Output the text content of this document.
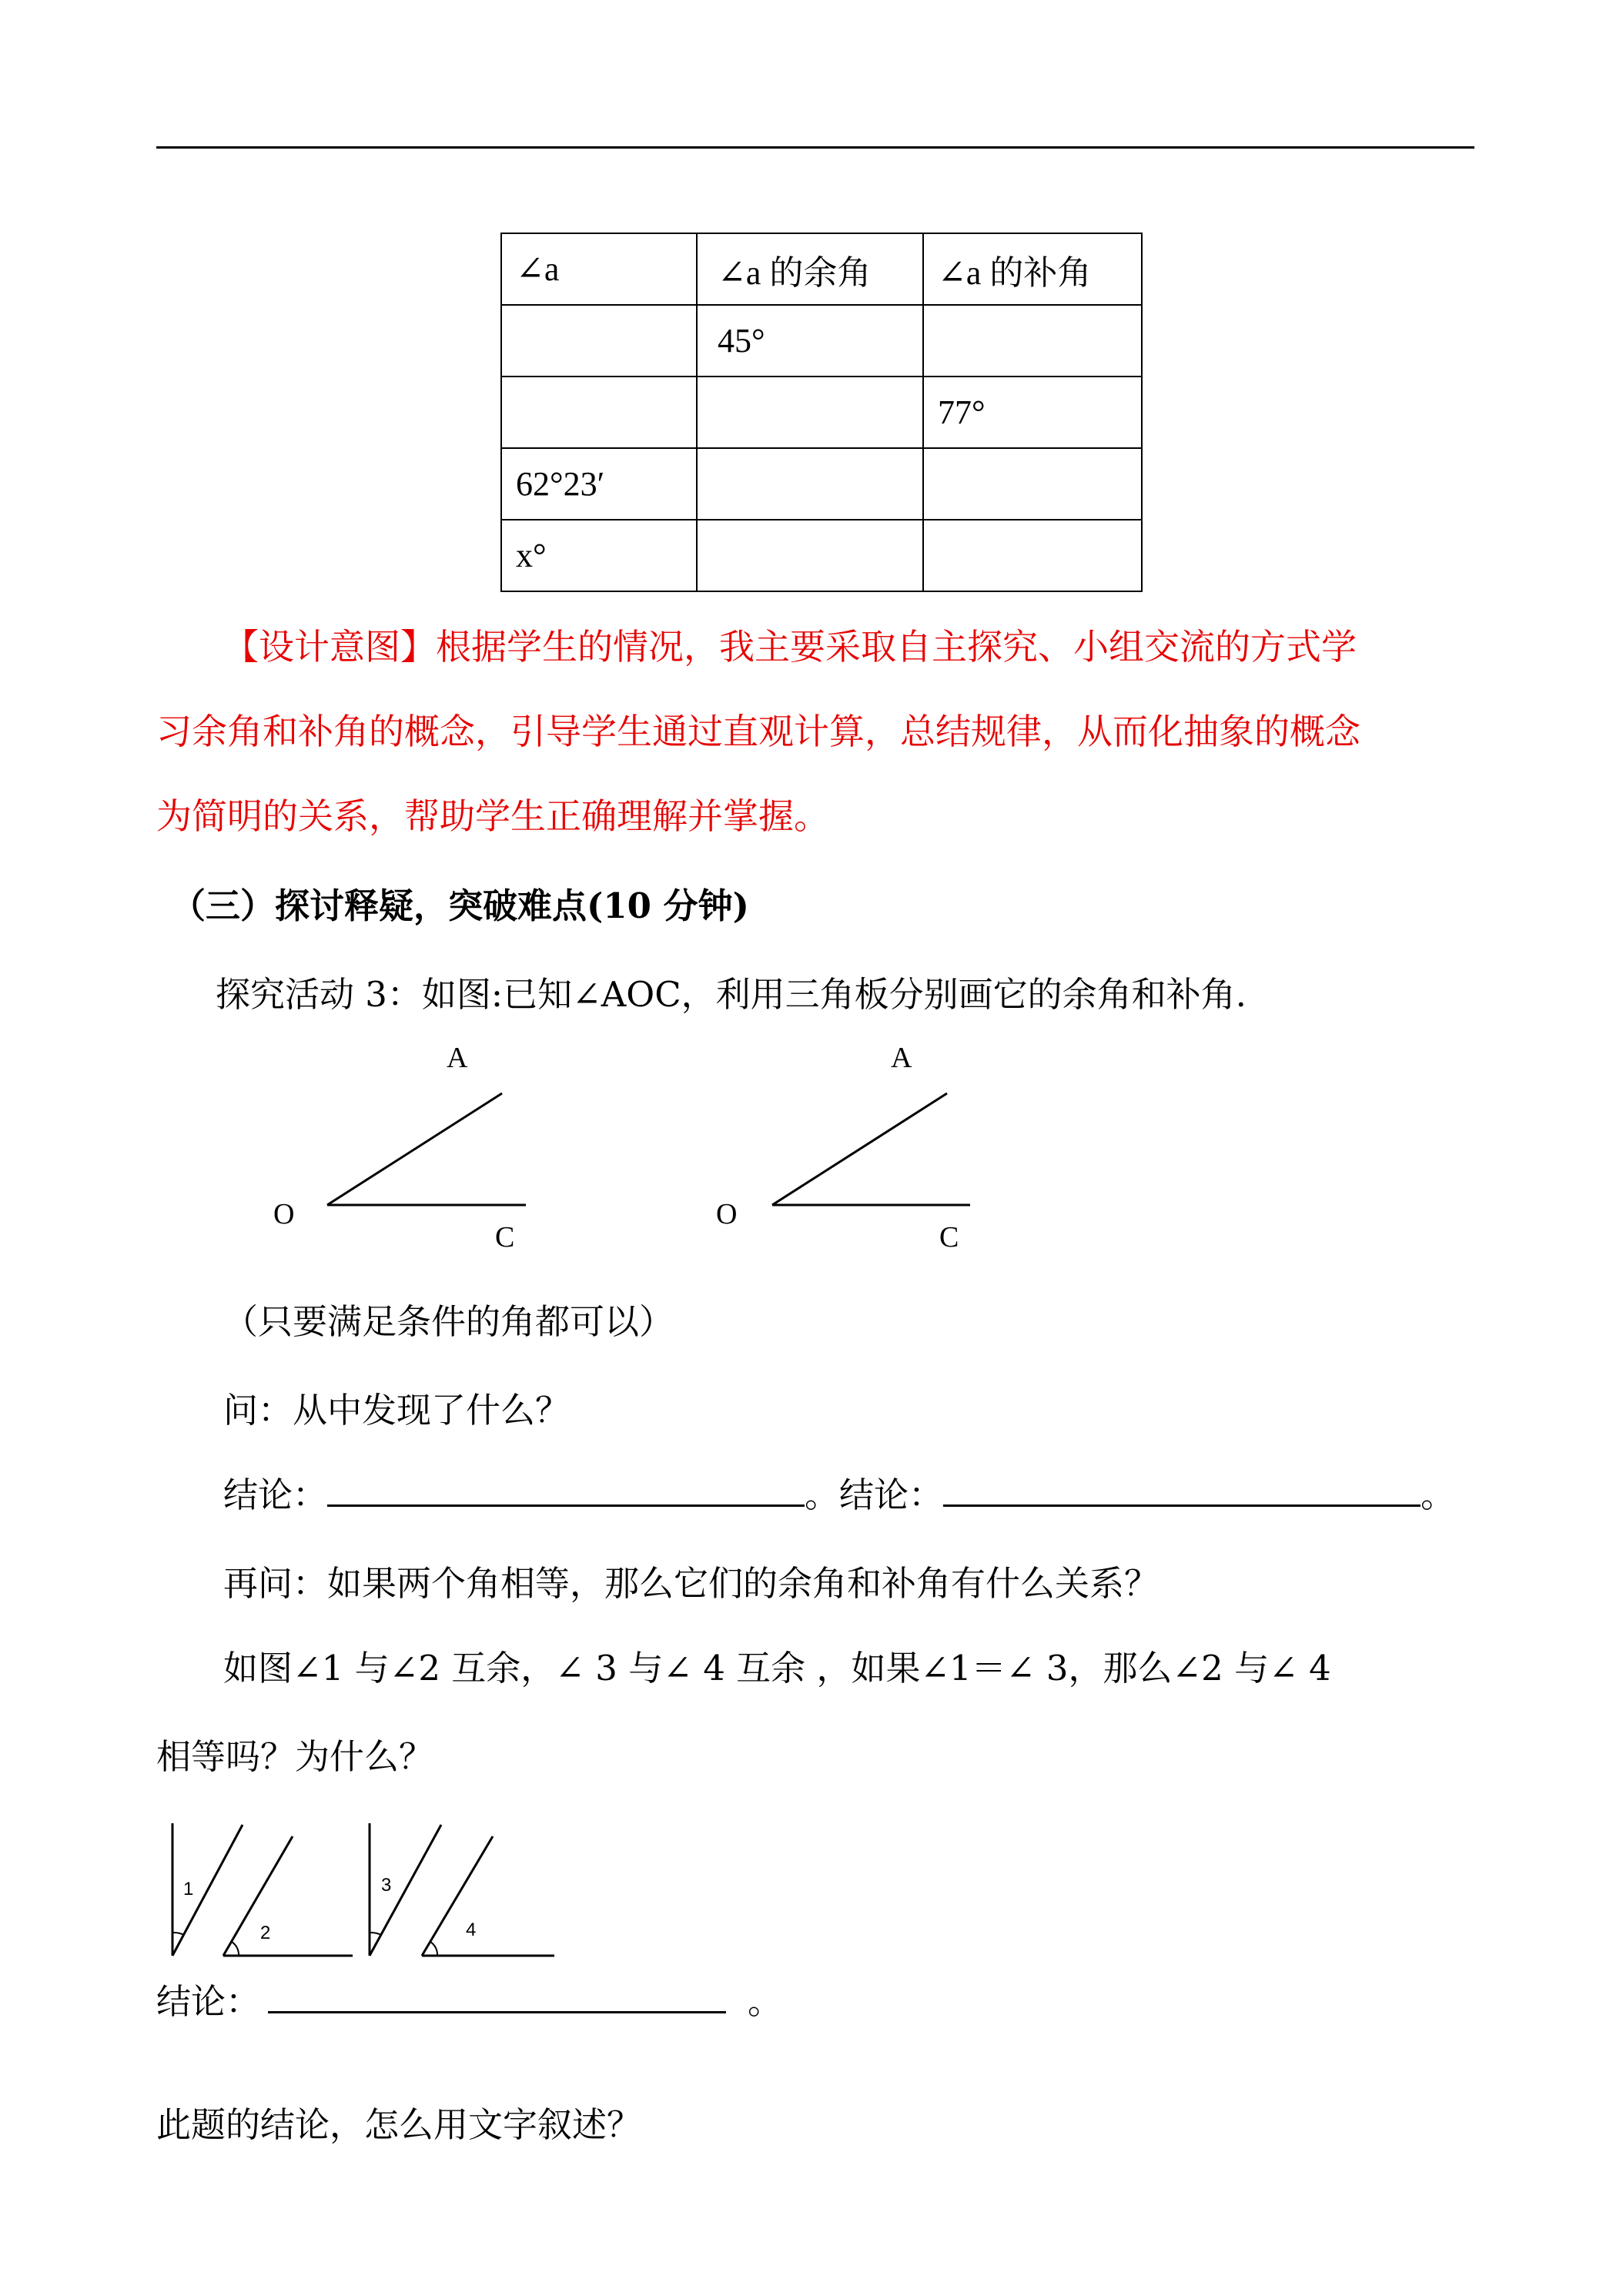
∠a	∠a 的余角	∠a 的补角
	45°	
		77°
62°23′		
x°		
【设计意图】根据学生的情况，我主要采取自主探究、小组交流的方式学
习余角和补角的概念，引导学生通过直观计算，总结规律，从而化抽象的概念
为简明的关系，帮助学生正确理解并掌握。
（三）探讨释疑，突破难点(10 分钟)
探究活动 3：如图:已知∠AOC，利用三角板分别画它的余角和补角.
A
O
C
A
O
C
（只要满足条件的角都可以）
问：从中发现了什么？
结论：	。结论：	。
再问：如果两个角相等，那么它们的余角和补角有什么关系？
如图∠1 与∠2 互余，∠ 3 与∠ 4 互余 ，如果∠1＝∠ 3，那么∠2 与∠ 4
相等吗？为什么？
1
2
3
4
结论：	。
此题的结论，怎么用文字叙述？
